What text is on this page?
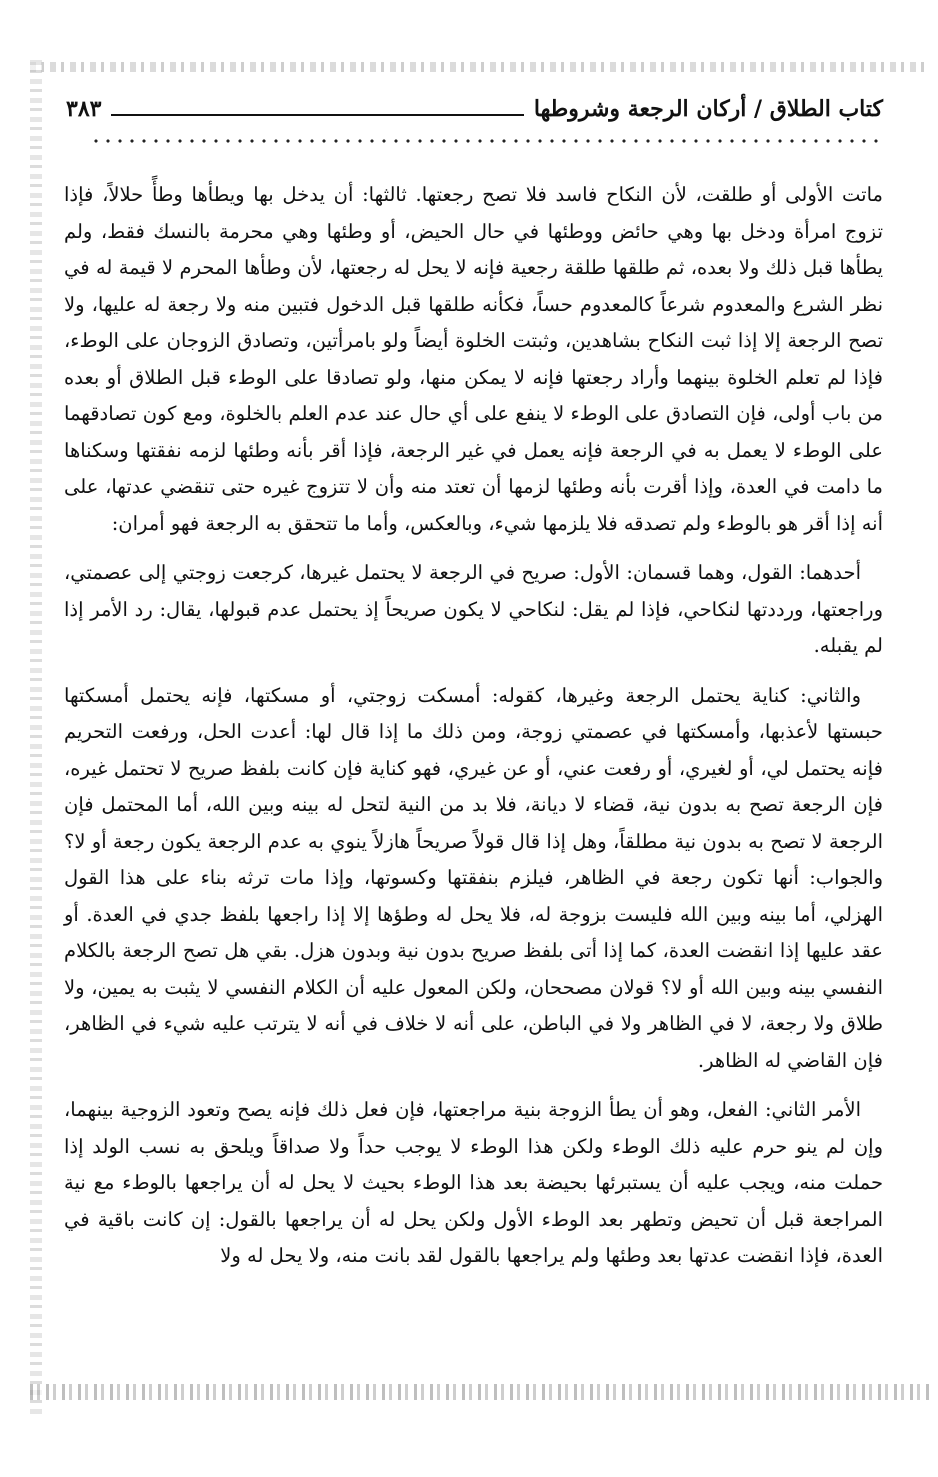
كتاب الطلاق / أركان الرجعة وشروطها
٣٨٣

ماتت الأولى أو طلقت، لأن النكاح فاسد فلا تصح رجعتها. ثالثها: أن يدخل بها ويطأها وطأً حلالاً، فإذا تزوج امرأة ودخل بها وهي حائض ووطئها في حال الحيض، أو وطئها وهي محرمة بالنسك فقط، ولم يطأها قبل ذلك ولا بعده، ثم طلقها طلقة رجعية فإنه لا يحل له رجعتها، لأن وطأها المحرم لا قيمة له في نظر الشرع والمعدوم شرعاً كالمعدوم حساً، فكأنه طلقها قبل الدخول فتبين منه ولا رجعة له عليها، ولا تصح الرجعة إلا إذا ثبت النكاح بشاهدين، وثبتت الخلوة أيضاً ولو بامرأتين، وتصادق الزوجان على الوطء، فإذا لم تعلم الخلوة بينهما وأراد رجعتها فإنه لا يمكن منها، ولو تصادقا على الوطء قبل الطلاق أو بعده من باب أولى، فإن التصادق على الوطء لا ينفع على أي حال عند عدم العلم بالخلوة، ومع كون تصادقهما على الوطء لا يعمل به في الرجعة فإنه يعمل في غير الرجعة، فإذا أقر بأنه وطئها لزمه نفقتها وسكناها ما دامت في العدة، وإذا أقرت بأنه وطئها لزمها أن تعتد منه وأن لا تتزوج غيره حتى تنقضي عدتها، على أنه إذا أقر هو بالوطء ولم تصدقه فلا يلزمها شيء، وبالعكس، وأما ما تتحقق به الرجعة فهو أمران:

أحدهما: القول، وهما قسمان: الأول: صريح في الرجعة لا يحتمل غيرها، كرجعت زوجتي إلى عصمتي، وراجعتها، ورددتها لنكاحي، فإذا لم يقل: لنكاحي لا يكون صريحاً إذ يحتمل عدم قبولها، يقال: رد الأمر إذا لم يقبله.

والثاني: كناية يحتمل الرجعة وغيرها، كقوله: أمسكت زوجتي، أو مسكتها، فإنه يحتمل أمسكتها حبستها لأعذبها، وأمسكتها في عصمتي زوجة، ومن ذلك ما إذا قال لها: أعدت الحل، ورفعت التحريم فإنه يحتمل لي، أو لغيري، أو رفعت عني، أو عن غيري، فهو كناية فإن كانت بلفظ صريح لا تحتمل غيره، فإن الرجعة تصح به بدون نية، قضاء لا ديانة، فلا بد من النية لتحل له بينه وبين الله، أما المحتمل فإن الرجعة لا تصح به بدون نية مطلقاً، وهل إذا قال قولاً صريحاً هازلاً ينوي به عدم الرجعة يكون رجعة أو لا؟ والجواب: أنها تكون رجعة في الظاهر، فيلزم بنفقتها وكسوتها، وإذا مات ترثه بناء على هذا القول الهزلي، أما بينه وبين الله فليست بزوجة له، فلا يحل له وطؤها إلا إذا راجعها بلفظ جدي في العدة. أو عقد عليها إذا انقضت العدة، كما إذا أتى بلفظ صريح بدون نية وبدون هزل. بقي هل تصح الرجعة بالكلام النفسي بينه وبين الله أو لا؟ قولان مصححان، ولكن المعول عليه أن الكلام النفسي لا يثبت به يمين، ولا طلاق ولا رجعة، لا في الظاهر ولا في الباطن، على أنه لا خلاف في أنه لا يترتب عليه شيء في الظاهر، فإن القاضي له الظاهر.

الأمر الثاني: الفعل، وهو أن يطأ الزوجة بنية مراجعتها، فإن فعل ذلك فإنه يصح وتعود الزوجية بينهما، وإن لم ينو حرم عليه ذلك الوطء ولكن هذا الوطء لا يوجب حداً ولا صداقاً ويلحق به نسب الولد إذا حملت منه، ويجب عليه أن يستبرئها بحيضة بعد هذا الوطء بحيث لا يحل له أن يراجعها بالوطء مع نية المراجعة قبل أن تحيض وتطهر بعد الوطء الأول ولكن يحل له أن يراجعها بالقول: إن كانت باقية في العدة، فإذا انقضت عدتها بعد وطئها ولم يراجعها بالقول لقد بانت منه، ولا يحل له ولا
